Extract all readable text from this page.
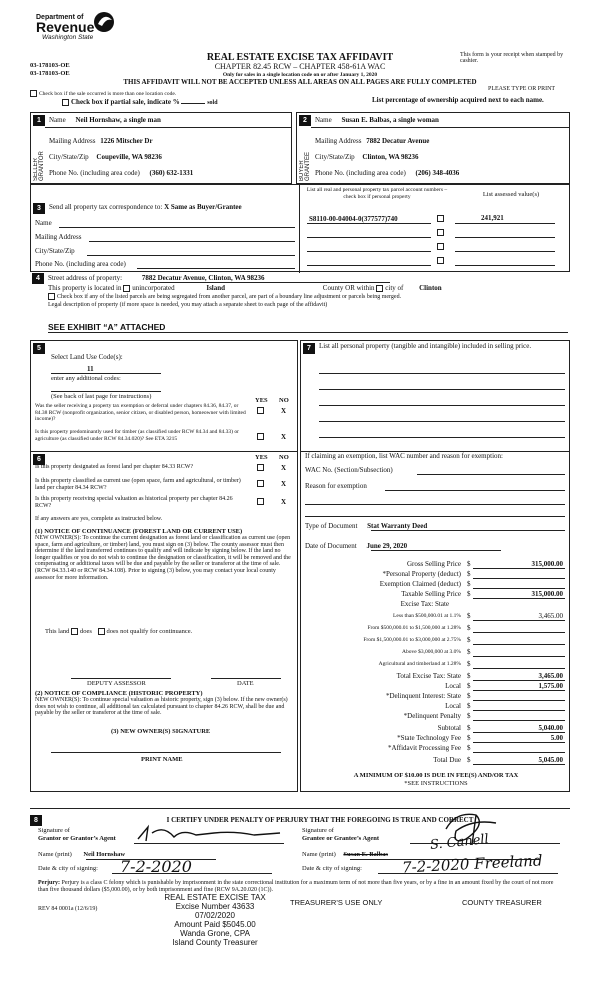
Department of
Revenue
Washington State
03-178103-OE
03-178103-OE
REAL ESTATE EXCISE TAX AFFIDAVIT
CHAPTER 82.45 RCW – CHAPTER 458-61A WAC
Only for sales in a single location code on or after January 1, 2020
This form is your receipt when stamped by cashier.
THIS AFFIDAVIT WILL NOT BE ACCEPTED UNLESS ALL AREAS ON ALL PAGES ARE FULLY COMPLETED
PLEASE TYPE OR PRINT
Check box if the sale occurred is more than one location code.
Check box if partial sale, indicate %	sold	List percentage of ownership acquired next to each name.
1
SELLER GRANTOR
Name Neil Hornshaw, a single man
Mailing Address 1226 Mitscher Dr
City/State/Zip Coupeville, WA 98236
Phone No. (including area code) (360) 632-1331
2
BUYER GRANTEE
Name Susan E. Balbas, a single woman
Mailing Address 7882 Decatur Avenue
City/State/Zip Clinton, WA 98236
Phone No. (including area code) (206) 348-4036
3	Send all property tax correspondence to: X Same as Buyer/Grantee
Name
Mailing Address
City/State/Zip
Phone No. (including area code)
List all real and personal property tax parcel account numbers – check box if personal property	List assessed value(s)
S8110-00-04004-0(377577)740	241,921
4	Street address of property:	7882 Decatur Avenue, Clinton, WA 98236
This property is located in unincorporated	Island	County OR within city of Clinton
Check box if any of the listed parcels are being segregated from another parcel, are part of a boundary line adjustment or parcels being merged.
Legal description of property (if more space is needed, you may attach a separate sheet to each page of the affidavit)
SEE EXHIBIT “A” ATTACHED
5
Select Land Use Code(s):
11
enter any additional codes:
(See back of last page for instructions)
YES NO
Was the seller receiving a property tax exemption or deferral under chapters 84.36, 84.37, or 84.38 RCW (nonprofit organization, senior citizen, or disabled person, homeowner with limited income)?
X
Is this property predominantly used for timber (as classified under RCW 84.34 and 84.33) or agriculture (as classified under RCW 84.34.020)? See ETA 3215	X
6	YES NO
Is this property designated as forest land per chapter 84.33 RCW?	X
Is this property classified as current use (open space, farm and agricultural, or timber) land per chapter 84.34 RCW?	X
Is this property receiving special valuation as historical property per chapter 84.26 RCW?	X
If any answers are yes, complete as instructed below.
(1) NOTICE OF CONTINUANCE (FOREST LAND OR CURRENT USE)
NEW OWNER(S): To continue the current designation as forest land or classification as current use (open space, farm and agriculture, or timber) land, you must sign on (3) below. The county assessor must then determine if the land transferred continues to qualify and will indicate by signing below. If the land no longer qualifies or you do not wish to continue the designation or classification, it will be removed and the compensating or additional taxes will be due and payable by the seller or transferor at the time of sale. (RCW 84.33.140 or RCW 84.34.108). Prior to signing (3) below, you may contact your local county assessor for more information.
This land does does not qualify for continuance.
DEPUTY ASSESSOR	DATE
(2) NOTICE OF COMPLIANCE (HISTORIC PROPERTY)
NEW OWNER(S): To continue special valuation as historic property, sign (3) below. If the new owner(s) does not wish to continue, all additional tax calculated pursuant to chapter 84.26 RCW, shall be due and payable by the seller or transferor at the time of sale.
(3) NEW OWNER(S) SIGNATURE
PRINT NAME
7	List all personal property (tangible and intangible) included in selling price.
If claiming an exemption, list WAC number and reason for exemption:
WAC No. (Section/Subsection)
Reason for exemption
Type of Document Stat Warranty Deed
Date of Document June 29, 2020
Gross Selling Price $	315,000.00
*Personal Property (deduct) $
Exemption Claimed (deduct) $
Taxable Selling Price $	315,000.00
Excise Tax: State
Less than $500,000.01 at 1.1% $	3,465.00
From $500,000.01 to $1,500,000 at 1.28% $
From $1,500,000.01 to $3,000,000 at 2.75% $
Above $3,000,000 at 3.0% $
Agricultural and timberland at 1.28% $
Total Excise Tax: State $	3,465.00
Local $	1,575.00
*Delinquent Interest: State $
Local $
*Delinquent Penalty $
Subtotal $	5,040.00
*State Technology Fee $	5.00
*Affidavit Processing Fee $
Total Due $	5,045.00
A MINIMUM OF $10.00 IS DUE IN FEE(S) AND/OR TAX
*SEE INSTRUCTIONS
8	I CERTIFY UNDER PENALTY OF PERJURY THAT THE FOREGOING IS TRUE AND CORRECT
Signature of
Grantor or Grantor’s Agent
Signature of
Grantee or Grantee’s Agent
Name (print) Neil Hornshaw	Name (print) Susan E. Balbas
S. Canell
Date & city of signing: 7-2-2020	Date & city of signing:	7-2-2020 Freeland
Perjury: Perjury is a class C felony which is punishable by imprisonment in the state correctional institution for a maximum term of not more than five years, or by a fine in an amount fixed by the court of not more than five thousand dollars ($5,000.00), or by both imprisonment and fine (RCW 9A.20.020 (1C)).
REV 84 0001a (12/6/19)
TREASURER’S USE ONLY	COUNTY TREASURER
REAL ESTATE EXCISE TAX
Excise Number 43633
07/02/2020
Amount Paid $5045.00
Wanda Grone, CPA
Island County Treasurer
